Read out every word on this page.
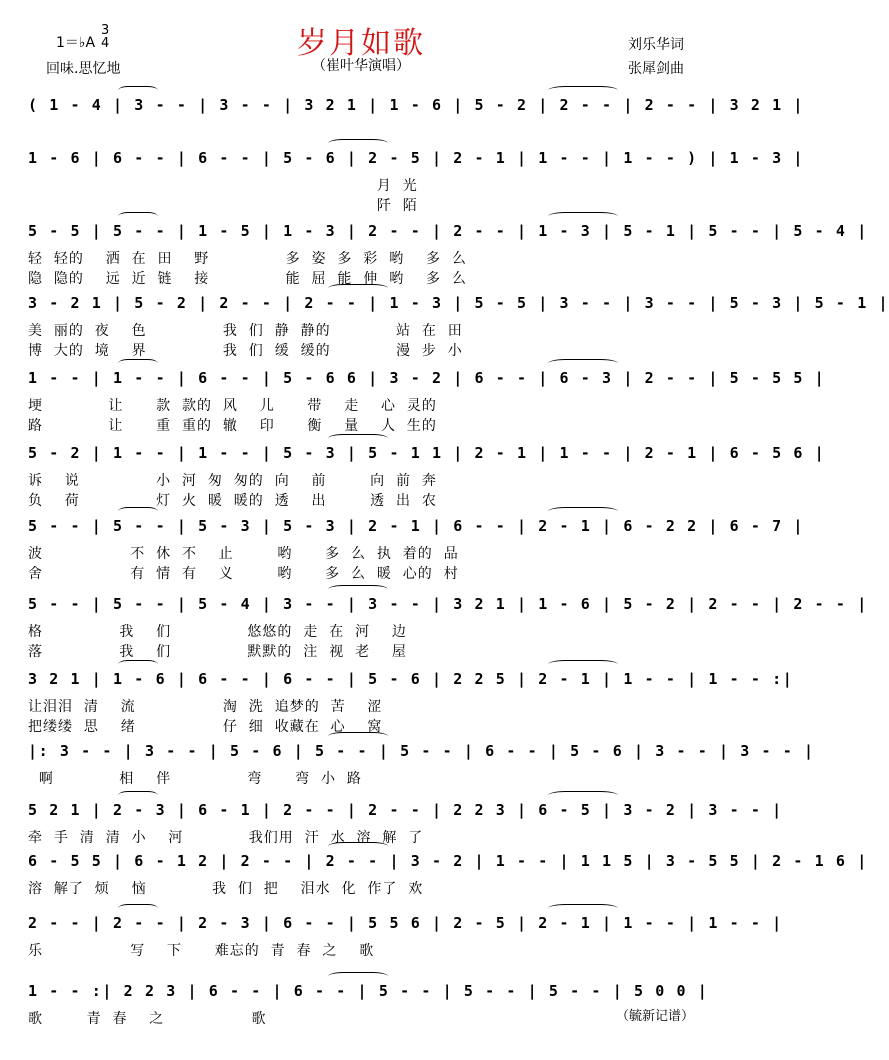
岁月如歌
（崔叶华演唱）
1＝♭A
3
4
回味.思忆地
刘乐华词
张犀剑曲
( 1 - 4 | 3 - - | 3 - - | 3 2 1 | 1 - 6 | 5 - 2 | 2 - - | 2 - - | 3 2 1 |
1 - 6 | 6 - - | 6 - - | 5 - 6 | 2 - 5 | 2 - 1 | 1 - - | 1 - - ) | 1 - 3 |
月  光
阡  陌
5 - 5 | 5 - - | 1 - 5 | 1 - 3 | 2 - - | 2 - - | 1 - 3 | 5 - 1 | 5 - - | 5 - 4 |
轻  轻的    洒  在  田    野              多  姿  多  彩  哟    多  么
隐  隐的    远  近  链    接              能  屈  能  伸  哟    多  么
3 - 2 1 | 5 - 2 | 2 - - | 2 - - | 1 - 3 | 5 - 5 | 3 - - | 3 - - | 5 - 3 | 5 - 1 |
美  丽的  夜    色              我  们  静  静的            站  在  田
博  大的  境    界              我  们  缓  缓的            漫  步  小
1 - - | 1 - - | 6 - - | 5 - 6 6 | 3 - 2 | 6 - - | 6 - 3 | 2 - - | 5 - 5 5 |
埂            让      款  款的  风    儿      带    走    心  灵的
路            让      重  重的  辙    印      衡    量    人  生的
5 - 2 | 1 - - | 1 - - | 5 - 3 | 5 - 1 1 | 2 - 1 | 1 - - | 2 - 1 | 6 - 5 6 |
诉    说              小  河  匆  匆的  向    前        向  前  奔
负    荷              灯  火  暖  暖的  透    出        透  出  农
5 - - | 5 - - | 5 - 3 | 5 - 3 | 2 - 1 | 6 - - | 2 - 1 | 6 - 2 2 | 6 - 7 |
波                不  休  不    止        哟      多  么  执  着的  品
舍                有  情  有    义        哟      多  么  暖  心的  村
5 - - | 5 - - | 5 - 4 | 3 - - | 3 - - | 3 2 1 | 1 - 6 | 5 - 2 | 2 - - | 2 - - |
格              我    们              悠悠的  走  在  河    边
落              我    们              默默的  注  视  老    屋
3 2 1 | 1 - 6 | 6 - - | 6 - - | 5 - 6 | 2 2 5 | 2 - 1 | 1 - - | 1 - - :|
让泪泪  清    流                淘  洗  追梦的  苦    涩
把缕缕  思    绪                仔  细  收藏在  心    窝
|: 3 - - | 3 - - | 5 - 6 | 5 - - | 5 - - | 6 - - | 5 - 6 | 3 - - | 3 - - |
啊            相    伴              弯      弯  小  路
5 2 1 | 2 - 3 | 6 - 1 | 2 - - | 2 - - | 2 2 3 | 6 - 5 | 3 - 2 | 3 - - |
牵  手  清  清  小    河            我们用  汗  水  溶  解  了
6 - 5 5 | 6 - 1 2 | 2 - - | 2 - - | 3 - 2 | 1 - - | 1 1 5 | 3 - 5 5 | 2 - 1 6 |
溶  解了  烦    恼            我  们  把    泪水  化  作了  欢
2 - - | 2 - - | 2 - 3 | 6 - - | 5 5 6 | 2 - 5 | 2 - 1 | 1 - - | 1 - - |
乐                写    下      难忘的  青  春  之    歌
1 - - :| 2 2 3 | 6 - - | 6 - - | 5 - - | 5 - - | 5 - - | 5 0 0 |
歌        青  春    之                歌	（毓新记谱）
